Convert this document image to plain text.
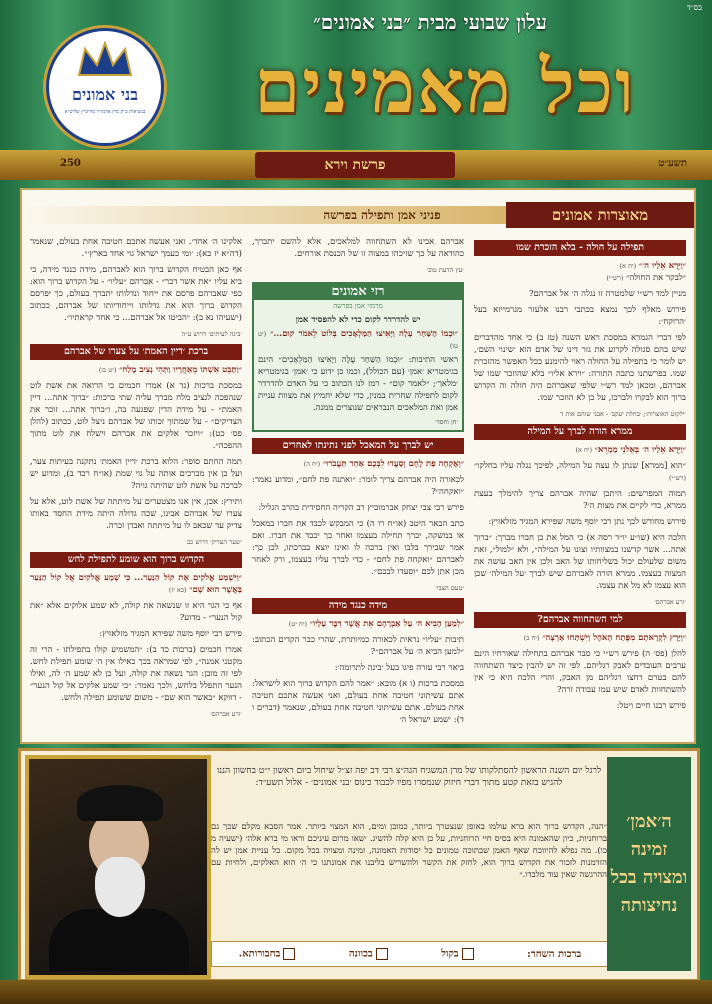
בס״ד
בני אמונים
בנשיאות כ״ק מרן אדמו״ר מוויזניץ שליט״א
עלון שבועי מבית ״בני אמונים״
וכל מאמינים
פרשת וירא	תשע״ט
250
מאוצרות אמונים
פניני אמן ותפילה בפרשה
תפילה על חולה - בלא הזכרת שמו

״וַיֵּרָא אֵלָיו ה׳״ (יח א)
״לבקר את החולה״ (רש״י)

מניין למד רש״י שלמטרה זו נגלה ה׳ אל אברהם?

פירוש מאלף לכך נמצא בכתבי רבנו אלעזר מגרמייזא בעל ׳הרוקח׳:

לפי דברי הגמרא במסכת ראש השנה (טז ב) כי אחד מהדברים שיש בהם סגולה לקרוע את גזר דינו של אדם הוא ׳שינוי השם׳, יש לומר כי בתפילה על החולה ראוי להימנע ככל האפשר מהזכרת שמו. בפרשתנו כתבה התורה: ״וירא אליו״ בלא שהוזכר שמו של אברהם, ומכאן למד רש״י שלפי שאברהם היה חולה וה הקדוש ברוך הוא לבקרו ולברכו, על כן לא הוזכר שמו.

׳ילקוט האוצרות׳; ׳בחלת יעקב׳ - אבני שוהם אות ד

ממרא הורה לברך על המילה

״וַיֵּרָא אֵלָיו ה׳ בְּאֵלֹנֵי מַמְרֵא״ (יח א)

״הוא [ממרא] שנתן לו עצה על המילה, לפיכך נגלה עליו בחלקו״ (רש״י)

תמוה המפרשים: היתכן שהיה אברהם צריך להימלך בעצת ממרא, כדי לקיים את מצות ה׳?

פירוש מחודש לכך נתן רבי יוסף משה שפירא המגיד מזלאזיץ:

הלכה היא (שו״ע יו״ד רסה א) כי המל את בן חברו מברך: ״ברוך אתה... אשר קדשנו במצוותיו וצונו על המילה״, ולא ״למול״, זאת משום שלעולם יכול בשליחותו של האב ולכן אין האב עושה את המצוה בעצמו. ממרא הורה לאברהם שיש לברך ׳על המילה׳ שכן הוא עצמו לא מל את עצמו.

׳זרע אברהם׳

למי השתחווה אברהם?

״וַיָּרָץ לִקְרָאתָם מִפֶּתַח הָאֹהֶל וַיִּשְׁתַּחוּ אָרְצָה״ (יח ב)

להלן (פס׳ ה) פירש רש״י כי סבר אברהם בתחילה שאורחיו הינם ערבים העובדים לאבק רגליהם. לפי זה יש להבין כיצד השתחווה להם בטרם רחצו רגליהם מן האבק, והרי הלכה היא כי אין להשתחוות לאדם שיש עמו עבודה זרה?

פירש רבנו חיים ויטל:

אברהם אבינו לא השתחווה למלאכים, אלא להשם יתברך, כהודאה על כך שזיכהו במצוה זו של הכנסת אורחים.

׳עץ הדעת טוב׳

רזי אמונים
מרמזי אמן בפרשה

יש להדרדר לקום כדי לא להפסיד אמן

״וּכְמוֹ הַשַּׁחַר עָלָה וַיָּאִיצוּ הַמַּלְאָכִים בְּלוֹט לֵאמֹר קוּם...״ (יט טו)

ראשי התיבות: ״וּכְמוֹ הַשַּׁחַר עָלָה וַיָּאִיצוּ הַמַּלְאָכִים״ הינם בגימטריא ׳אמן׳ (עם הכולל), וכמו כן ידוע כי ׳אמן׳ בגימטריא ׳מלאך׳; ״לאמר קום״ - רמז לנו הכתוב כי על האדם להדרדר לקום לתפילה שחרית במנין, כדי שלא יחמיץ את מצוות עניית אמן ואת המלאכים הנבראים שנוצרים ממנה.

׳חן וחסד׳

יש לברך על המאכל לפני נתינתו לאחרים

״וְאֶקְחָה פַת לֶחֶם וְסַעֲדוּ לִבְּכֶם אַחַר תַּעֲבֹרוּ״ (יח ה)

לכאורה היה אברהם צריך לומר: ״ואתנה פת לחם״, ומדוע נאמר: ״ואקחה״?

פירש רבי צבי יצחק אברמוביץ רב הקריה החסידית בהרב הגליל:

כתב הבאר היטב (או״ח רו ה) כי המבקש לכבד את חברו במאכל או במשקה, יברך תחילה בעצמו ואחר כך יכבד את חברו. ואם אמר שבירך בלבו ואין ברכה לו ואינו יוצא בברכתו, לכן כך: לאברהם ״ואקחה פת לחם״ - כדי לברך עליו בעצמו, ורק לאחר מכן אתן לכם ״וסעדו לבכם״.

׳טעם הצבי׳

מידה כנגד מידה

״לְמַעַן הָבִיא ה׳ עַל אַבְרָהָם אֵת אֲשֶׁר דִּבֶּר עָלָיו״ (יח יט)

תיבות ״עליו״ נראית לכאורה כמיותרת, שהרי כבר הקדים הכתוב: ״למען הביא ה׳ על אברהם״?

ביאר רבי עזרה פיגו בעל ׳בינה לתרומה׳:

במסכת ברכות (ו א) מובא: ״אמר להם הקדוש ברוך הוא לישראל: אתם עשיתוני חטיבה אחת בעולם, ואני אעשה אתכם חטיבה אחת בעולם. אתם עשיתוני חטיבה אחת בעולם, שנאמר (דברים ו ד): ׳שמע ישראל ה׳

אלקינו ה׳ אחד׳. ואני אעשה אתכם חטיבה אחת בעולם, שנאמר (דה״א יז כא): ׳ומי כעמך ישראל גוי אחד בארץ׳״.

אף כאן הבטיח הקדוש ברוך הוא לאברהם, מידה כנגד מידה, כי ביא עליו ״את אשר דבר״ - אברהם ״עליו״ - על הקדוש ברוך הוא: כפי שאברהם פרסם את ייחוד ונדלותו יתברך בעולם, כך יפרסם הקדוש ברוך הוא את גדלותו וייחודיותו של אברהם, ככתוב (ישעיהו נא ב): ״הביטו אל אברהם... כי אחד קראתיו״.

׳בינה לעיתים׳ דרוש ע״ה

ברכת ׳דיין האמת׳ על צערו של אברהם

״וַתַּבֵּט אִשְׁתּוֹ מֵאַחֲרָיו וַתְּהִי נְצִיב מֶלַח״ (יט כו)

במסכת ברכות (נד א) אמרו חכמים כי הרואה את אשת לוט שנהפכה לנציב מלח מברך עליה שתי ברכות: ״ברוך אתה... דיין האמת״ - על מידת הדין שפגעה בה, ו״ברוך אתה... זוכר את הצדיקים״ - על שמתוך זכותו של אברהם ניצל לוט, ככתוב (להלן פס׳ כט): ״ויזכר אלקים את אברהם וישלח את לוט מתוך ההפכה״.

תמה החתם סופר: הלוא ברכת ׳דיין האמת׳ נתקנה בעיתות צער, ועל כן אין מברכים אותה על גוי שמת (או״ח רכד ב), ומדוע יש לברכה על אשת לוט שהיתה גויה?

ותירץ: אכן, אין אנו מצטערים על מיתתה של אשת לוט, אלא על צערו של אברהם אבינו, שכה גדולה היתה מידת החסד באותו צדיק עד שכאב לו על מיתתה ואבדן זכרה.

׳שער הצדיק׳ דרוש כב

הקדוש ברוך הוא שומע לתפילת לחש

״וַיִּשְׁמַע אֱלֹקִים אֶת קוֹל הַנַּעַר... כִּי שָׁמַע אֱלֹקִים אֶל קוֹל הַנַּעַר בַּאֲשֶׁר הוּא שָׁם״ (כא יז)

אף כי הגר היא זו שנשאה את קולה, לא שמע אלוקים אלא ״את קול הנער״ - מדוע?

פירש רבי יוסף משה שפירא המגיד מזלאזיץ:

אמרו חכמים (ברכות כד ב): ״המשמיע קולו בתפילתו - הרי זה מקטני אמנה״, לפי שמראה בכך כאילו אין ה׳ שומע תפילת לחש. לפי זה מובן: הגר נשאה את קולה, ועל כן לא שמע ה׳ לה, ואילו הנער התפלל בלחש, ולכך נאמר: ״כי שמע אלקים אל קול הנער״ - דווקא ״באשר הוא שם״ - משום ששומע תפילה ולחש.

׳זרע אברהם׳

לרגל יום השנה הראשון להסתלקותו של מרן המשגיח הגה״צ רבי דב יפה זצ״ל שיחול ביום ראשון י״ט בחשוון הננו להגיש בזאת קטע מתוך דברי חיזוק שנמסרו מפיו לכבוד כינוס ׳בני אמונים׳ - אלול תשע״ד:
״הנה, הקדוש ברוך הוא ברא עולמו באופן שנצטרך ביותר, כמובן ומים, הוא המצוי ביותר. אמר הסבא מקלם שכך גם ברוחניות, כיון שהאמונה היא בסיס חיי הרוחניות, על כן היא קלה להשיג. ׳שאו מרום עיניכם וראו מי ברא אלה׳ (ישעיה מ כו). מה נפלא להיווכח שאף האמן שבתוכה טמונים כל יסודות האמונה, זמינה ומצויה בכל מקום. כל עניית אמן יש לה הזדמנות לזכור את הקדוש ברוך הוא, לחזק את הקשר ולהשריש בליבנו את אמונתנו כי ה׳ הוא האלקים, ולחיות עם ההרגשה שאין עוד מלבדו.״
ברכות השחר:
בקול
בכוונה
בחבורותא.
ה׳אמן׳ זמינה ומצויה בכל נחיצותה
